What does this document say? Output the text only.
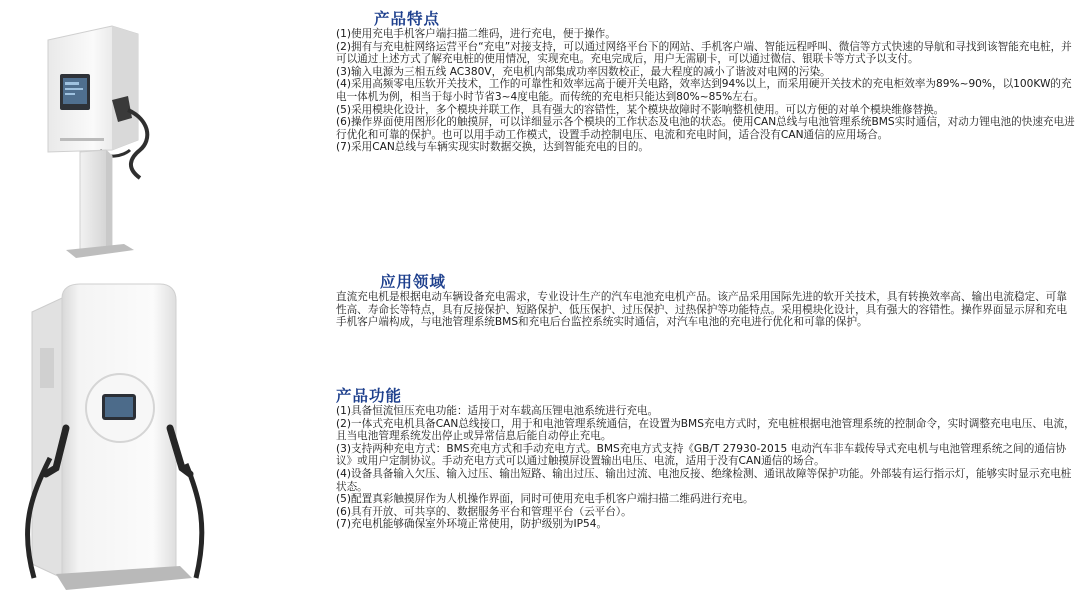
产品特点

(1)使用充电手机客户端扫描二维码，进行充电，便于操作。

(2)拥有与充电桩网络运营平台“充电”对接支持，可以通过网络平台下的网站、手机客户端、智能远程呼叫、微信等方式快速的导航和寻找到该智能充电桩，并可以通过上述方式了解充电桩的使用情况，实现充电。充电完成后，用户无需刷卡，可以通过微信、银联卡等方式予以支付。

(3)输入电源为三相五线 AC380V，充电机内部集成功率因数校正，最大程度的减小了谐波对电网的污染。

(4)采用高频零电压软开关技术，工作的可靠性和效率远高于硬开关电路，效率达到94%以上，而采用硬开关技术的充电柜效率为89%~90%，以100KW的充电一体机为例，相当于每小时节省3~4度电能。而传统的充电柜只能达到80%~85%左右。

(5)采用模块化设计，多个模块并联工作，具有强大的容错性，某个模块故障时不影响整机使用。可以方便的对单个模块维修替换。

(6)操作界面使用图形化的触摸屏，可以详细显示各个模块的工作状态及电池的状态。使用CAN总线与电池管理系统BMS实时通信，对动力锂电池的快速充电进行优化和可靠的保护。也可以用手动工作模式，设置手动控制电压、电流和充电时间，适合没有CAN通信的应用场合。

(7)采用CAN总线与车辆实现实时数据交换，达到智能充电的目的。

应用领域

直流充电机是根据电动车辆设备充电需求，专业设计生产的汽车电池充电机产品。该产品采用国际先进的软开关技术，具有转换效率高、输出电流稳定、可靠性高、寿命长等特点，具有反接保护、短路保护、低压保护、过压保护、过热保护等功能特点。采用模块化设计，具有强大的容错性。操作界面显示屏和充电手机客户端构成，与电池管理系统BMS和充电后台监控系统实时通信，对汽车电池的充电进行优化和可靠的保护。

产品功能

(1)具备恒流恒压充电功能：适用于对车载高压锂电池系统进行充电。

(2)一体式充电机具备CAN总线接口，用于和电池管理系统通信，在设置为BMS充电方式时，充电桩根据电池管理系统的控制命令，实时调整充电电压、电流，且当电池管理系统发出停止或异常信息后能自动停止充电。

(3)支持两种充电方式：BMS充电方式和手动充电方式。BMS充电方式支持《GB/T 27930-2015 电动汽车非车载传导式充电机与电池管理系统之间的通信协议》或用户定制协议。手动充电方式可以通过触摸屏设置输出电压、电流，适用于没有CAN通信的场合。

(4)设备具备输入欠压、输入过压、输出短路、输出过压、输出过流、电池反接、绝缘检测、通讯故障等保护功能。外部装有运行指示灯，能够实时显示充电桩状态。

(5)配置真彩触摸屏作为人机操作界面，同时可使用充电手机客户端扫描二维码进行充电。

(6)具有开放、可共享的、数据服务平台和管理平台（云平台）。

(7)充电机能够确保室外环境正常使用，防护级别为IP54。
